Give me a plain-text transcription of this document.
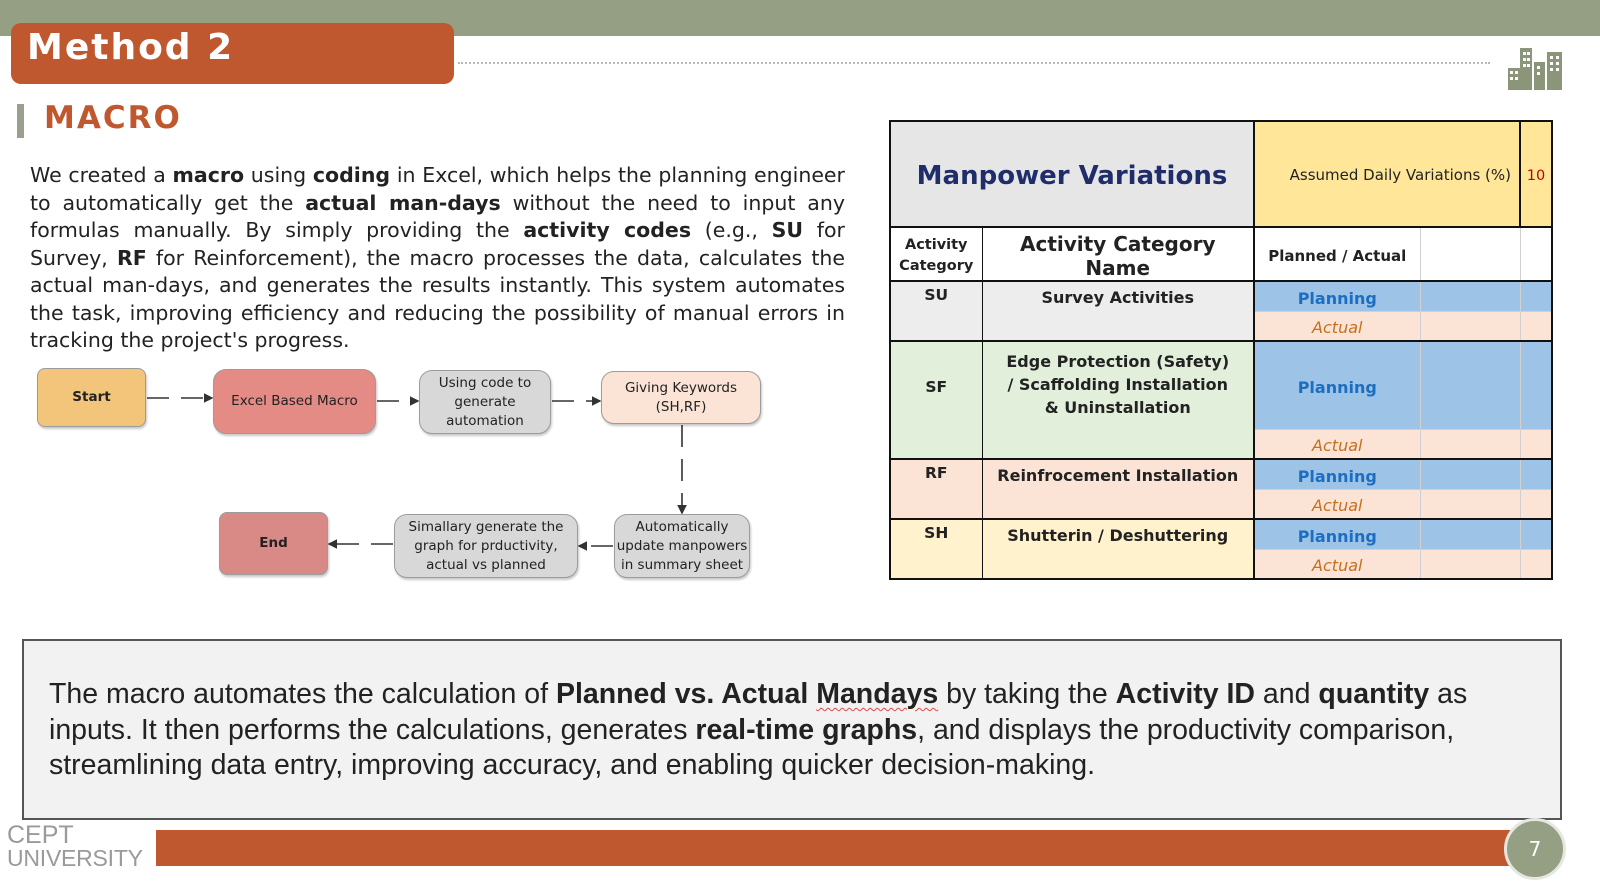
Method 2
MACRO

We created a macro using coding in Excel, which helps the planning engineer to automatically get the actual man-days without the need to input any formulas manually. By simply providing the activity codes (e.g., SU for Survey, RF for Reinforcement), the macro processes the data, calculates the actual man-days, and generates the results instantly. This system automates the task, improving efficiency and reducing the possibility of manual errors in tracking the project's progress.

Start	Excel Based Macro
Using code to generate automation
Giving Keywords (SH,RF)
Automatically update manpowers in summary sheet
Simallary generate the graph for prductivity, actual vs planned
End
Manpower Variations		Assumed Daily Variations (%)		10
Activity Category	Activity Category Name	Planned / Actual		
SU	Survey Activities	Planning		
		Actual		
SF	Edge Protection (Safety) / Scaffolding Installation & Uninstallation	Planning		
		Actual		
RF	Reinfrocement Installation	Planning		
		Actual		
SH	Shutterin / Deshuttering	Planning		
		Actual		

The macro automates the calculation of Planned vs. Actual Mandays by taking the Activity ID and quantity as inputs. It then performs the calculations, generates real-time graphs, and displays the productivity comparison, streamlining data entry, improving accuracy, and enabling quicker decision-making.

CEPT
UNIVERSITY	7
